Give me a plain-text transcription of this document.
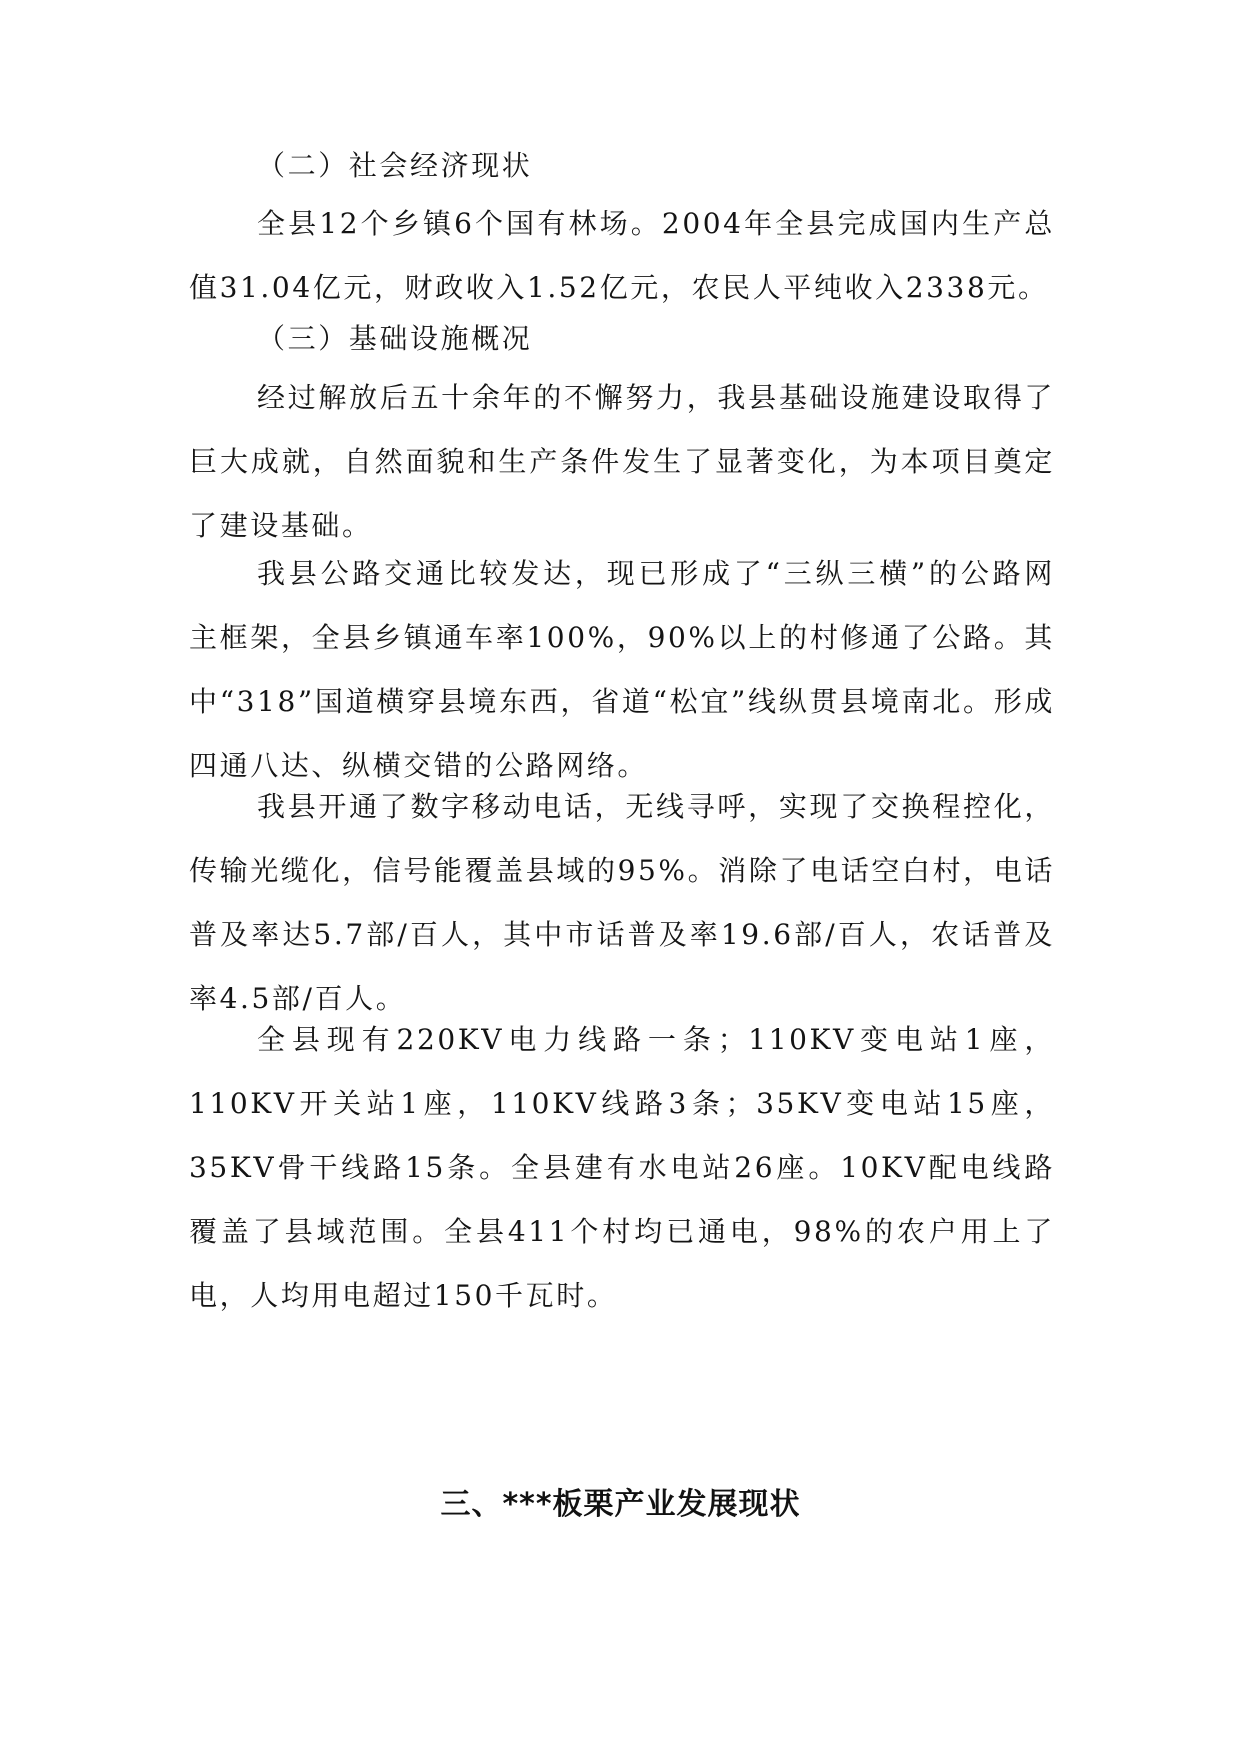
（二）社会经济现状
全县12个乡镇6个国有林场。2004年全县完成国内生产总值31.04亿元，财政收入1.52亿元，农民人平纯收入2338元。
（三）基础设施概况
经过解放后五十余年的不懈努力，我县基础设施建设取得了巨大成就，自然面貌和生产条件发生了显著变化，为本项目奠定了建设基础。
我县公路交通比较发达，现已形成了“三纵三横”的公路网主框架，全县乡镇通车率100%，90%以上的村修通了公路。其中“318”国道横穿县境东西，省道“松宜”线纵贯县境南北。形成四通八达、纵横交错的公路网络。
我县开通了数字移动电话，无线寻呼，实现了交换程控化，传输光缆化，信号能覆盖县域的95%。消除了电话空白村，电话普及率达5.7部/百人，其中市话普及率19.6部/百人，农话普及率4.5部/百人。
全县现有220KV电力线路一条；110KV变电站1座，110KV开关站1座，110KV线路3条；35KV变电站15座，35KV骨干线路15条。全县建有水电站26座。10KV配电线路覆盖了县域范围。全县411个村均已通电，98%的农户用上了电，人均用电超过150千瓦时。
三、***板栗产业发展现状
